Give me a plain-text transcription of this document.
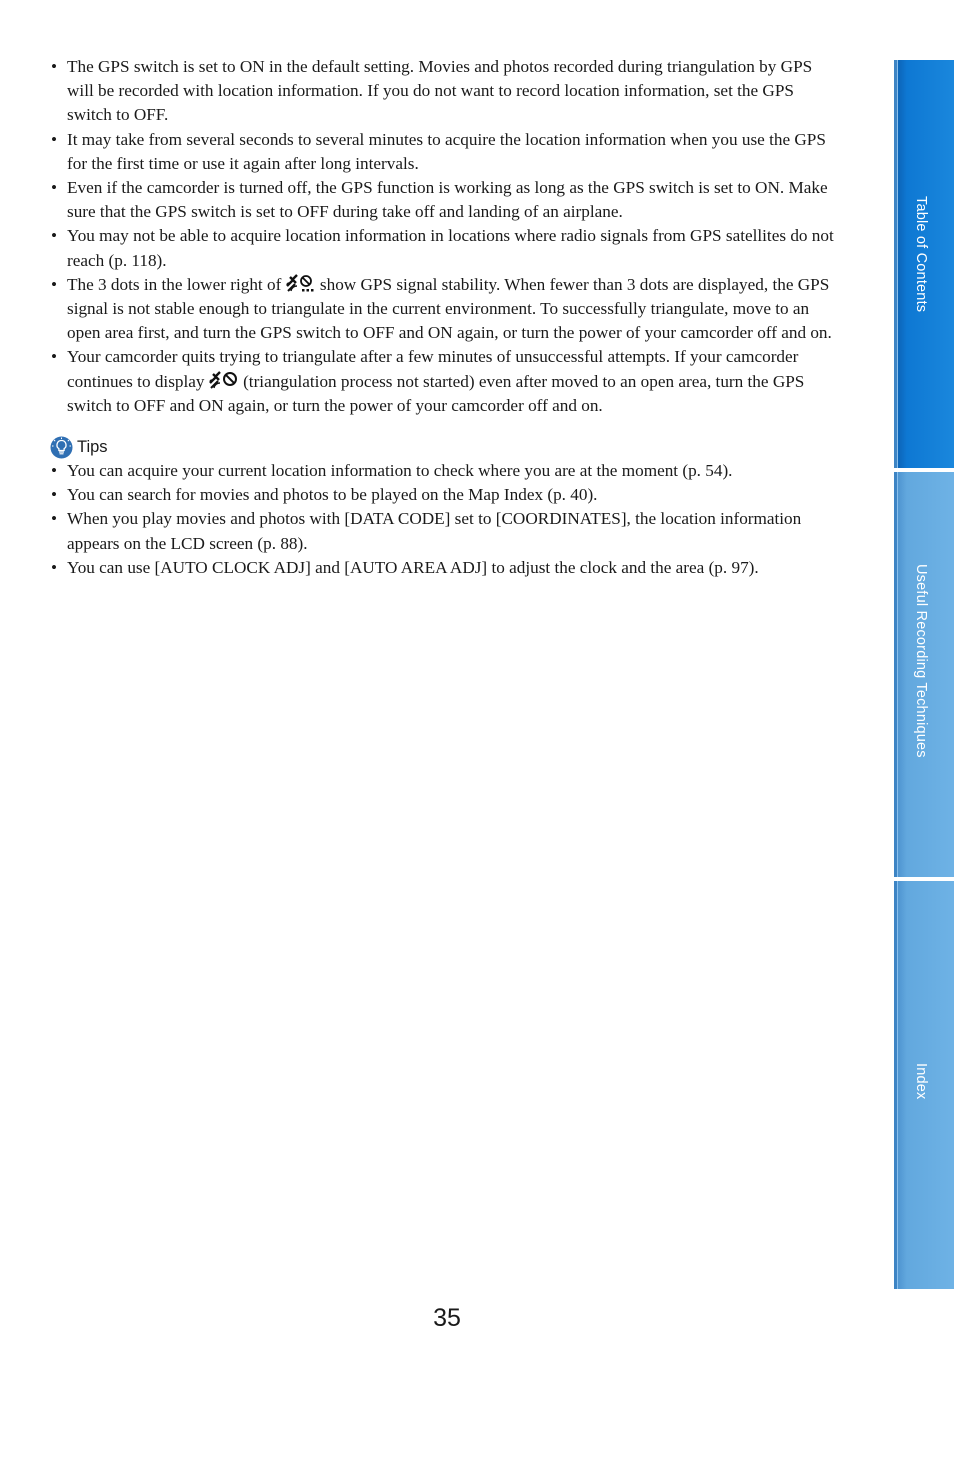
• The GPS switch is set to ON in the default setting. Movies and photos recorded during triangulation by GPS will be recorded with location information. If you do not want to record location information, set the GPS switch to OFF.
• It may take from several seconds to several minutes to acquire the location information when you use the GPS for the first time or use it again after long intervals.
• Even if the camcorder is turned off, the GPS function is working as long as the GPS switch is set to ON. Make sure that the GPS switch is set to OFF during take off and landing of an airplane.
• You may not be able to acquire location information in locations where radio signals from GPS satellites do not reach (p. 118).
• The 3 dots in the lower right of  show GPS signal stability. When fewer than 3 dots are displayed, the GPS signal is not stable enough to triangulate in the current environment. To successfully triangulate, move to an open area first, and turn the GPS switch to OFF and ON again, or turn the power of your camcorder off and on.
• Your camcorder quits trying to triangulate after a few minutes of unsuccessful attempts. If your camcorder continues to display  (triangulation process not started) even after moved to an open area, turn the GPS switch to OFF and ON again, or turn the power of your camcorder off and on.
Tips
• You can acquire your current location information to check where you are at the moment (p. 54).
• You can search for movies and photos to be played on the Map Index (p. 40).
• When you play movies and photos with [DATA CODE] set to [COORDINATES], the location information appears on the LCD screen (p. 88).
• You can use [AUTO CLOCK ADJ] and [AUTO AREA ADJ] to adjust the clock and the area (p. 97).
Table of Contents
Useful Recording Techniques
Index
35
